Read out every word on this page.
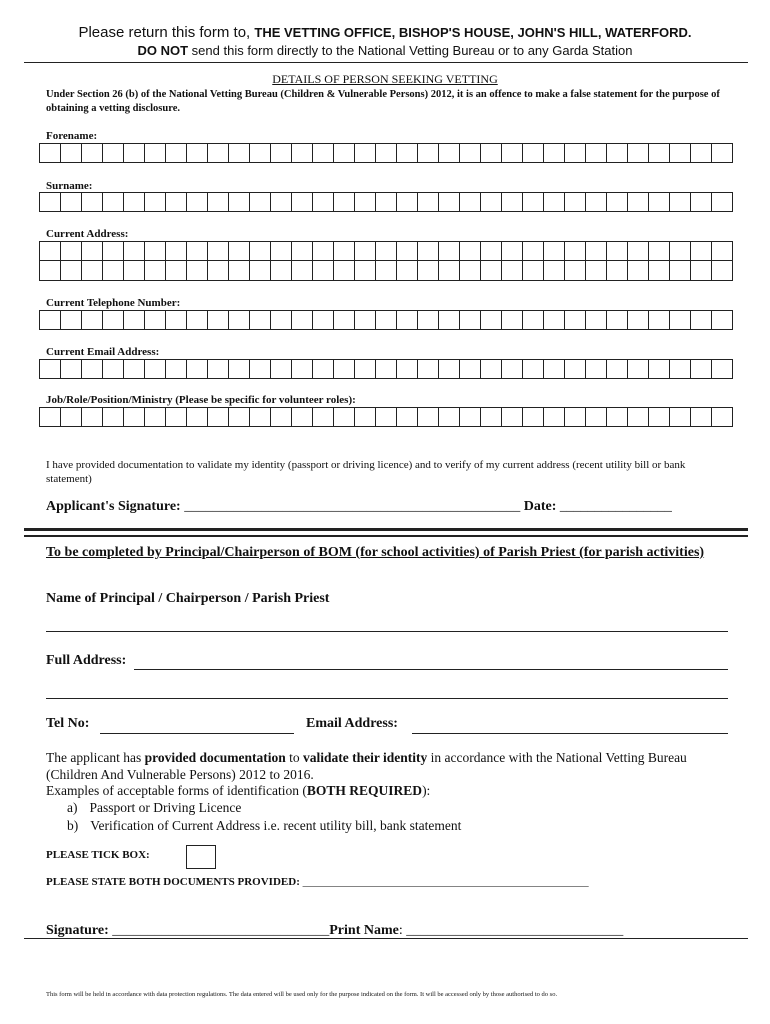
Please return this form to, THE VETTING OFFICE, BISHOP'S HOUSE, JOHN'S HILL, WATERFORD.
DO NOT send this form directly to the National Vetting Bureau or to any Garda Station
DETAILS OF PERSON SEEKING VETTING
Under Section 26 (b) of the National Vetting Bureau (Children & Vulnerable Persons) 2012, it is an offence to make a false statement for the purpose of obtaining a vetting disclosure.
Forename:
Surname:
Current Address:
Current Telephone Number:
Current Email Address:
Job/Role/Position/Ministry (Please be specific for volunteer roles):
I have provided documentation to validate my identity (passport or driving licence) and to verify of my current address (recent utility bill or bank statement)
Applicant's Signature: ________________________________________________ Date: ________________
To be completed by Principal/Chairperson of BOM (for school activities) of Parish Priest (for parish activities)
Name of Principal / Chairperson / Parish Priest
Full Address:
Tel No:	Email Address:
The applicant has provided documentation to validate their identity in accordance with the National Vetting Bureau (Children And Vulnerable Persons) 2012 to 2016.
Examples of acceptable forms of identification (BOTH REQUIRED):
a) Passport or Driving Licence
b) Verification of Current Address i.e. recent utility bill, bank statement
PLEASE TICK BOX:
PLEASE STATE BOTH DOCUMENTS PROVIDED: ____________________________________________________
Signature: _______________________________Print Name: _______________________________
This form will be held in accordance with data protection regulations. The data entered will be used only for the purpose indicated on the form. It will be accessed only by those authorised to do so.
